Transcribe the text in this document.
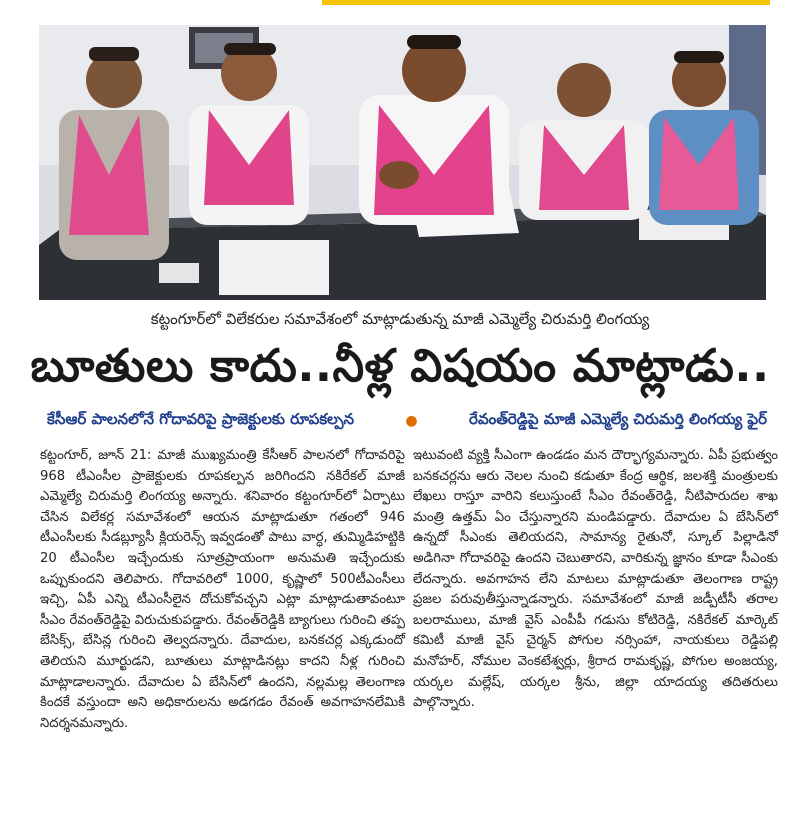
కట్టంగూర్‌లో విలేకరుల సమావేశంలో మాట్లాడుతున్న మాజీ ఎమ్మెల్యే చిరుమర్తి లింగయ్య
బూతులు కాదు..నీళ్ల విషయం మాట్లాడు..
కేసీఆర్ పాలనలోనే గోదావరిపై ప్రాజెక్టులకు రూపకల్పన	●	రేవంత్‌రెడ్డిపై మాజీ ఎమ్మెల్యే చిరుమర్తి లింగయ్య ఫైర్

కట్టంగూర్, జూన్ 21: మాజీ ముఖ్యమంత్రి కేసీఆర్ పాలనలో గోదావరిపై 968 టీఎంసీల ప్రాజెక్టులకు రూపకల్పన జరిగిందని నకిరేకల్ మాజీ ఎమ్మెల్యే చిరుమర్తి లింగయ్య అన్నారు. శనివారం కట్టంగూర్‌లో ఏర్పాటు చేసిన విలేకర్ల సమావేశంలో ఆయన మాట్లాడుతూ గతంలో 946 టీఎంసీలకు సీడబ్ల్యూసీ క్లియరెన్స్ ఇవ్వడంతో పాటు వార్ధ, తుమ్మిడిహట్టికి 20 టీఎంసీల ఇచ్చేందుకు సూత్రప్రాయంగా అనుమతి ఇచ్చేందుకు ఒప్పుకుందని తెలిపారు. గోదావరిలో 1000, కృష్ణాలో 500టీఎంసీలు ఇచ్చి, ఏపీ ఎన్ని టీఎంసీలైన దోచుకోవచ్చని ఎట్లా మాట్లాడుతావంటూ సీఎం రేవంత్‌రెడ్డిపై విరుచుకుపడ్డారు. రేవంత్‌రెడ్డికి బ్యాగులు గురించి తప్ప బేసిక్స్, బేసిన్ల గురించి తెల్వదన్నారు. దేవాదుల, బనకచర్ల ఎక్కడుందో తెలియని మూర్ఖుడని, బూతులు మాట్లాడినట్లు కాదని నీళ్ల గురించి మాట్లాడాలన్నారు. దేవాదుల ఏ బేసిన్‌లో ఉందని, నల్లమల్ల తెలంగాణ కిందకే వస్తుందా అని అధికారులను అడగడం రేవంత్ అవగాహనలేమికి నిదర్శనమన్నారు.

ఇటువంటి వ్యక్తి సీఎంగా ఉండడం మన దౌర్భాగ్యమన్నారు. ఏపీ ప్రభుత్వం బనకచర్లను ఆరు నెలల నుంచి కడుతూ కేంద్ర ఆర్థిక, జలశక్తి మంత్రులకు లేఖలు రాస్తూ వారిని కలుస్తుంటే సీఎం రేవంత్‌రెడ్డి, నీటిపారుదల శాఖ మంత్రి ఉత్తమ్ ఏం చేస్తున్నారని మండిపడ్డారు. దేవాదుల ఏ బేసిన్‌లో ఉన్నదో సీఎంకు తెలియదని, సామాన్య రైతునో, స్కూల్ పిల్లాడినో అడిగినా గోదావరిపై ఉందని చెబుతారని, వారికున్న జ్ఞానం కూడా సీఎంకు లేదన్నారు. అవగాహన లేని మాటలు మాట్లాడుతూ తెలంగాణ రాష్ట్ర ప్రజల పరువుతీస్తున్నాడన్నారు. సమావేశంలో మాజీ జడ్పీటీసీ తరాల బలరాములు, మాజీ వైస్ ఎంపీపీ గడుసు కోటిరెడ్డి, నకిరేకల్ మార్కెట్ కమిటీ మాజీ వైస్ చైర్మన్ పోగుల నర్సింహా, నాయకులు రెడ్డిపల్లి మనోహర్, నోముల వెంకటేశ్వర్లు, శ్రీరాద రామకృష్ణ, పోగుల అంజయ్య, యర్కల మల్లేష్, యర్కల శ్రీను, జిల్లా యాదయ్య తదితరులు పాల్గొన్నారు.
